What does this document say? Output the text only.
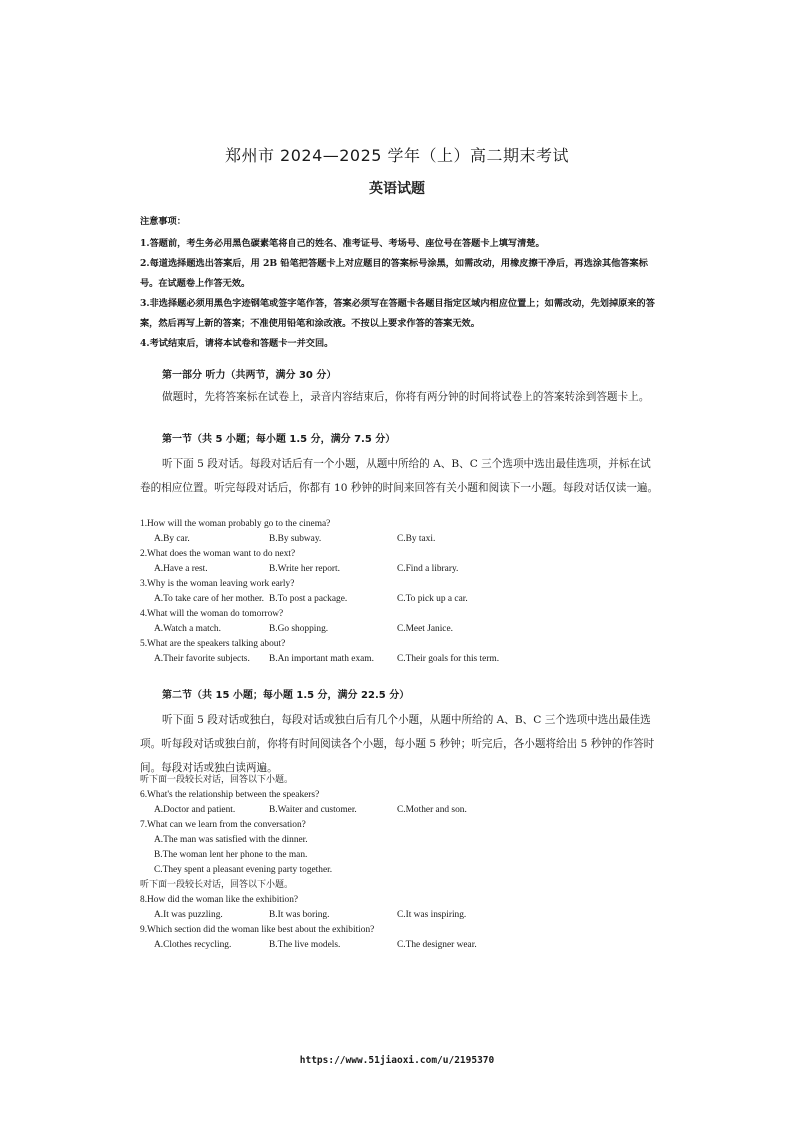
郑州市 2024—2025 学年（上）高二期末考试
英语试题

注意事项：

1.答题前，考生务必用黑色碳素笔将自己的姓名、准考证号、考场号、座位号在答题卡上填写清楚。

2.每道选择题选出答案后，用 2B 铅笔把答题卡上对应题目的答案标号涂黑，如需改动，用橡皮擦干净后，再选涂其他答案标号。在试题卷上作答无效。

3.非选择题必须用黑色字迹钢笔或签字笔作答，答案必须写在答题卡各题目指定区域内相应位置上；如需改动，先划掉原来的答案，然后再写上新的答案；不准使用铅笔和涂改液。不按以上要求作答的答案无效。

4.考试结束后，请将本试卷和答题卡一并交回。

第一部分 听力（共两节，满分 30 分）

做题时，先将答案标在试卷上，录音内容结束后，你将有两分钟的时间将试卷上的答案转涂到答题卡上。

第一节（共 5 小题；每小题 1.5 分，满分 7.5 分）

听下面 5 段对话。每段对话后有一个小题，从题中所给的 A、B、C 三个选项中选出最佳选项，并标在试卷的相应位置。听完每段对话后，你都有 10 秒钟的时间来回答有关小题和阅读下一小题。每段对话仅读一遍。

1.How will the woman probably go to the cinema?
A.By car.	B.By subway.	C.By taxi.
2.What does the woman want to do next?
A.Have a rest.	B.Write her report.	C.Find a library.
3.Why is the woman leaving work early?
A.To take care of her mother. B.To post a package.	C.To pick up a car.
4.What will the woman do tomorrow?
A.Watch a match.	B.Go shopping.	C.Meet Janice.
5.What are the speakers talking about?
A.Their favorite subjects.	B.An important math exam.	C.Their goals for this term.
第二节（共 15 小题；每小题 1.5 分，满分 22.5 分）

听下面 5 段对话或独白，每段对话或独白后有几个小题，从题中所给的 A、B、C 三个选项中选出最佳选项。听每段对话或独白前，你将有时间阅读各个小题，每小题 5 秒钟；听完后，各小题将给出 5 秒钟的作答时间。每段对话或独白读两遍。

听下面一段较长对话，回答以下小题。
6.What's the relationship between the speakers?
A.Doctor and patient.	B.Waiter and customer.	C.Mother and son.
7.What can we learn from the conversation?
A.The man was satisfied with the dinner.
B.The woman lent her phone to the man.
C.They spent a pleasant evening party together.
听下面一段较长对话，回答以下小题。
8.How did the woman like the exhibition?
A.It was puzzling.	B.It was boring.	C.It was inspiring.
9.Which section did the woman like best about the exhibition?
A.Clothes recycling.	B.The live models.	C.The designer wear.
https://www.51jiaoxi.com/u/2195370
